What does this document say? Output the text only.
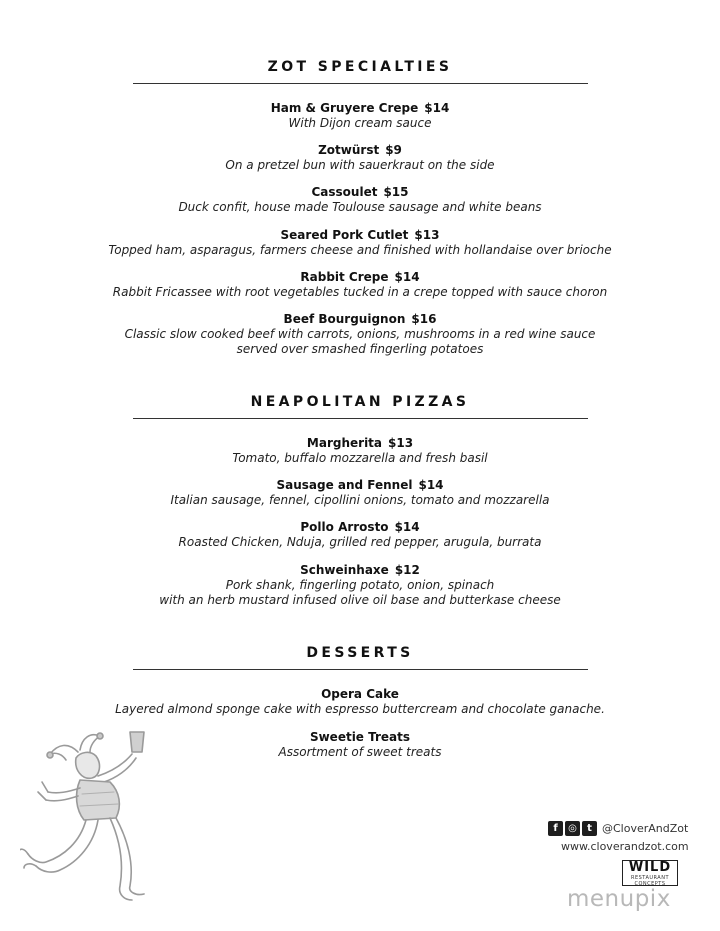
ZOT SPECIALTIES
Ham & Gruyere Crepe $14
With Dijon cream sauce
Zotwürst $9
On a pretzel bun with sauerkraut on the side
Cassoulet $15
Duck confit, house made Toulouse sausage and white beans
Seared Pork Cutlet $13
Topped ham, asparagus, farmers cheese and finished with hollandaise over brioche
Rabbit Crepe $14
Rabbit Fricassee with root vegetables tucked in a crepe topped with sauce choron
Beef Bourguignon $16
Classic slow cooked beef with carrots, onions, mushrooms in a red wine sauce
served over smashed fingerling potatoes
NEAPOLITAN PIZZAS
Margherita $13
Tomato, buffalo mozzarella and fresh basil
Sausage and Fennel $14
Italian sausage, fennel, cipollini onions, tomato and mozzarella
Pollo Arrosto $14
Roasted Chicken, Nduja, grilled red pepper, arugula, burrata
Schweinhaxe $12
Pork shank, fingerling potato, onion, spinach
with an herb mustard infused olive oil base and butterkase cheese
DESSERTS
Opera Cake
Layered almond sponge cake with espresso buttercream and chocolate ganache.
Sweetie Treats
Assortment of sweet treats
f	◎	t @CloverAndZot
www.cloverandzot.com
WILD
RESTAURANT CONCEPTS
menupix
